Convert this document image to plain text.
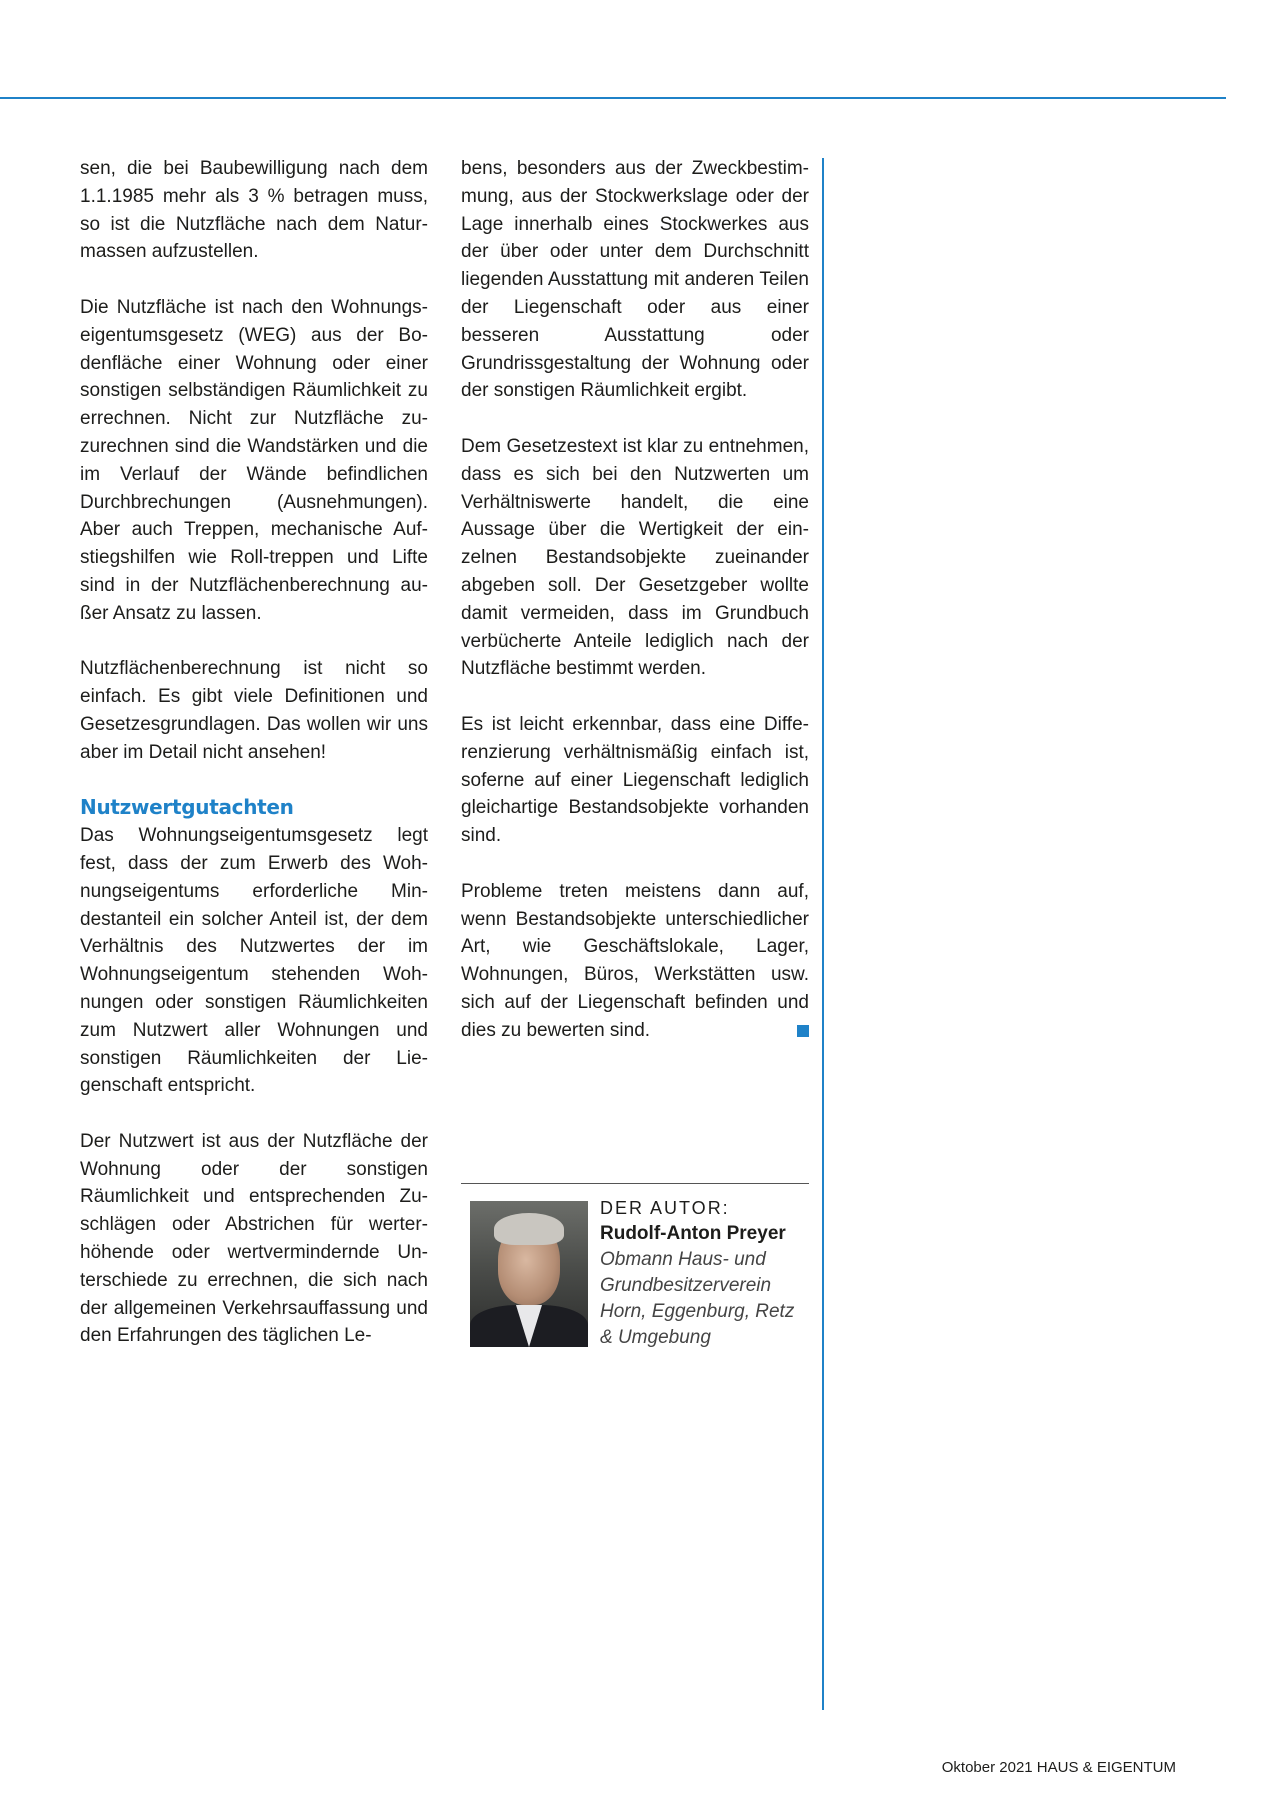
sen, die bei Baubewilligung nach dem 1.1.1985 mehr als 3 % betragen muss, so ist die Nutzfläche nach dem Naturmassen aufzustellen.

Die Nutzfläche ist nach den Wohnungseigentumsgesetz (WEG) aus der Bodenfläche einer Wohnung oder einer sonstigen selbständigen Räumlichkeit zu errechnen. Nicht zur Nutzfläche zuzurechnen sind die Wandstärken und die im Verlauf der Wände befindlichen Durchbrechungen (Ausnehmungen). Aber auch Treppen, mechanische Aufstiegshilfen wie Roll-treppen und Lifte sind in der Nutzflächenberechnung außer Ansatz zu lassen.

Nutzflächenberechnung ist nicht so einfach. Es gibt viele Definitionen und Gesetzesgrundlagen. Das wollen wir uns aber im Detail nicht ansehen!

Nutzwertgutachten

Das Wohnungseigentumsgesetz legt fest, dass der zum Erwerb des Wohnungseigentums erforderliche Mindestanteil ein solcher Anteil ist, der dem Verhältnis des Nutzwertes der im Wohnungseigentum stehenden Wohnungen oder sonstigen Räumlichkeiten zum Nutzwert aller Wohnungen und sonstigen Räumlichkeiten der Liegenschaft entspricht.

Der Nutzwert ist aus der Nutzfläche der Wohnung oder der sonstigen Räumlichkeit und entsprechenden Zuschlägen oder Abstrichen für werterhöhende oder wertvermindernde Unterschiede zu errechnen, die sich nach der allgemeinen Verkehrsauffassung und den Erfahrungen des täglichen Le-

bens, besonders aus der Zweckbestimmung, aus der Stockwerkslage oder der Lage innerhalb eines Stockwerkes aus der über oder unter dem Durchschnitt liegenden Ausstattung mit anderen Teilen der Liegenschaft oder aus einer besseren Ausstattung oder Grundrissgestaltung der Wohnung oder der sonstigen Räumlichkeit ergibt.

Dem Gesetzestext ist klar zu entnehmen, dass es sich bei den Nutzwerten um Verhältniswerte handelt, die eine Aussage über die Wertigkeit der einzelnen Bestandsobjekte zueinander abgeben soll. Der Gesetzgeber wollte damit vermeiden, dass im Grundbuch verbücherte Anteile lediglich nach der Nutzfläche bestimmt werden.

Es ist leicht erkennbar, dass eine Differenzierung verhältnismäßig einfach ist, soferne auf einer Liegenschaft lediglich gleichartige Bestandsobjekte vorhanden sind.

Probleme treten meistens dann auf, wenn Bestandsobjekte unterschiedlicher Art, wie Geschäftslokale, Lager, Wohnungen, Büros, Werkstätten usw. sich auf der Liegenschaft befinden und dies zu bewerten sind.

DER AUTOR:
Rudolf-Anton Preyer
Obmann Haus- und
Grundbesitzerverein
Horn, Eggenburg, Retz
& Umgebung
Oktober 2021 HAUS & EIGENTUM
